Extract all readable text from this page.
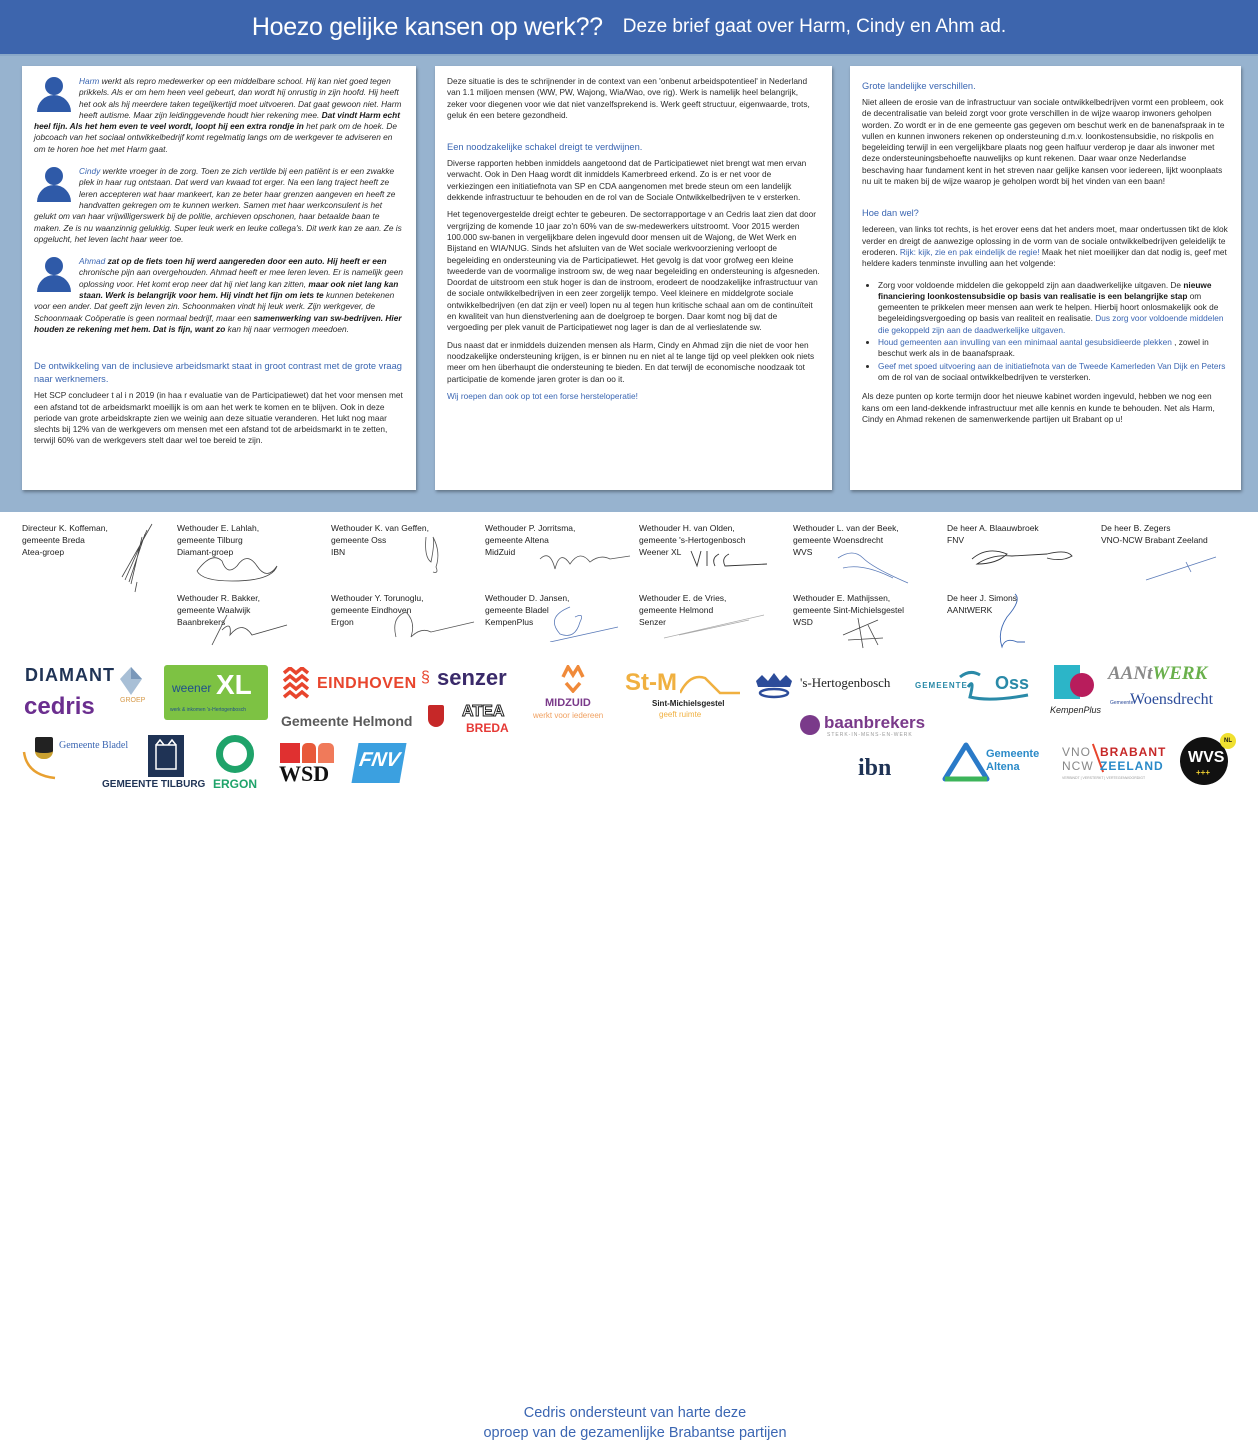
Hoezo gelijke kansen op werk?? Deze brief gaat over Harm, Cindy en Ahm ad.
Harm werkt als repro medewerker op een middelbare school. Hij kan niet goed tegen prikkels. Als er om hem heen veel gebeurt, dan wordt hij onrustig in zijn hoofd. Hij heeft het ook als hij meerdere taken tegelijkertijd moet uitvoeren. Dat gaat gewoon niet. Harm heeft autisme. Maar zijn leidinggevende houdt hier rekening mee. Dat vindt Harm echt heel fijn. Als het hem even te veel wordt, loopt hij een extra rondje in het park om de hoek. De jobcoach van het sociaal ontwikkelbedrijf komt regelmatig langs om de werkgever te adviseren en om te horen hoe het met Harm gaat.
Cindy werkte vroeger in de zorg. Toen ze zich vertilde bij een patiënt is er een zwakke plek in haar rug ontstaan. Dat werd van kwaad tot erger. Na een lang traject heeft ze leren accepteren wat haar mankeert, kan ze beter haar grenzen aangeven en heeft ze handvatten gekregen om te kunnen werken. Samen met haar werkconsulent is het gelukt om van haar vrijwilligerswerk bij de politie, archieven opschonen, haar betaalde baan te maken. Ze is nu waanzinnig gelukkig. Super leuk werk en leuke collega's. Dit werk kan ze aan. Ze is opgelucht, het leven lacht haar weer toe.
Ahmad zat op de fiets toen hij werd aangereden door een auto. Hij heeft er een chronische pijn aan overgehouden. Ahmad heeft er mee leren leven. Er is namelijk geen oplossing voor. Het komt erop neer dat hij niet lang kan zitten, maar ook niet lang kan staan. Werk is belangrijk voor hem. Hij vindt het fijn om iets te kunnen betekenen voor een ander. Dat geeft zijn leven zin. Schoonmaken vindt hij leuk werk. Zijn werkgever, de Schoonmaak Coöperatie is geen normaal bedrijf, maar een samenwerking van sw-bedrijven. Hier houden ze rekening met hem. Dat is fijn, want zo kan hij naar vermogen meedoen.
De ontwikkeling van de inclusieve arbeidsmarkt staat in groot contrast met de grote vraag naar werknemers.

Het SCP concludeer t al i n 2019 (in haa r evaluatie van de Participatiewet) dat het voor mensen met een afstand tot de arbeidsmarkt moeilijk is om aan het werk te komen en te blijven. Ook in deze periode van grote arbeidskrapte zien we weinig aan deze situatie veranderen. Het lukt nog maar slechts bij 12% van de werkgevers om mensen met een afstand tot de arbeidsmarkt in te zetten, terwijl 60% van de werkgevers stelt daar wel toe bereid te zijn.

Deze situatie is des te schrijnender in de context van een 'onbenut arbeidspotentieel' in Nederland van 1.1 miljoen mensen (WW, PW, Wajong, Wia/Wao, ove rig). Werk is namelijk heel belangrijk, zeker voor diegenen voor wie dat niet vanzelfsprekend is. Werk geeft structuur, eigenwaarde, trots, geluk én een betere gezondheid.

Een noodzakelijke schakel dreigt te verdwijnen.

Diverse rapporten hebben inmiddels aangetoond dat de Participatiewet niet brengt wat men ervan verwacht. Ook in Den Haag wordt dit inmiddels Kamerbreed erkend. Zo is er net voor de verkiezingen een initiatiefnota van SP en CDA aangenomen met brede steun om een landelijk dekkende infrastructuur te behouden en de rol van de Sociale Ontwikkelbedrijven te v ersterken.

Het tegenovergestelde dreigt echter te gebeuren. De sectorrapportage v an Cedris laat zien dat door vergrijzing de komende 10 jaar zo'n 60% van de sw-medewerkers uitstroomt. Voor 2015 werden 100.000 sw-banen in vergelijkbare delen ingevuld door mensen uit de Wajong, de Wet Werk en Bijstand en WIA/NUG. Sinds het afsluiten van de Wet sociale werkvoorziening verloopt de begeleiding en ondersteuning via de Participatiewet. Het gevolg is dat voor grofweg een kleine tweederde van de voormalige instroom sw, de weg naar begeleiding en ondersteuning is afgesneden. Doordat de uitstroom een stuk hoger is dan de instroom, erodeert de noodzakelijke infrastructuur van de sociale ontwikkelbedrijven in een zeer zorgelijk tempo. Veel kleinere en middelgrote sociale ontwikkelbedrijven (en dat zijn er veel) lopen nu al tegen hun kritische schaal aan om de continuïteit en kwaliteit van hun dienstverlening aan de doelgroep te borgen. Daar komt nog bij dat de vergoeding per plek vanuit de Participatiewet nog lager is dan de al verlieslatende sw.

Dus naast dat er inmiddels duizenden mensen als Harm, Cindy en Ahmad zijn die niet de voor hen noodzakelijke ondersteuning krijgen, is er binnen nu en niet al te lange tijd op veel plekken ook niets meer om hen überhaupt die ondersteuning te bieden. En dat terwijl de economische noodzaak tot participatie de komende jaren groter is dan oo it.

Wij roepen dan ook op tot een forse hersteloperatie!

Grote landelijke verschillen.

Niet alleen de erosie van de infrastructuur van sociale ontwikkelbedrijven vormt een probleem, ook de decentralisatie van beleid zorgt voor grote verschillen in de wijze waarop inwoners geholpen worden. Zo wordt er in de ene gemeente gas gegeven om beschut werk en de banenafspraak in te vullen en kunnen inwoners rekenen op ondersteuning d.m.v. loonkostensubsidie, no riskpolis en begeleiding terwijl in een vergelijkbare plaats nog geen halfuur verderop je daar als inwoner met deze ondersteuningsbehoefte nauwelijks op kunt rekenen. Daar waar onze Nederlandse beschaving haar fundament kent in het streven naar gelijke kansen voor iedereen, lijkt woonplaats nu uit te maken bij de wijze waarop je geholpen wordt bij het vinden van een baan!

Hoe dan wel?

Iedereen, van links tot rechts, is het erover eens dat het anders moet, maar ondertussen tikt de klok verder en dreigt de aanwezige oplossing in de vorm van de sociale ontwikkelbedrijven geleidelijk te eroderen. Rijk: kijk, zie en pak eindelijk de regie! Maak het niet moeilijker dan dat nodig is, geef met heldere kaders tenminste invulling aan het volgende:

• Zorg voor voldoende middelen die gekoppeld zijn aan daadwerkelijke uitgaven. De nieuwe financiering loonkostensubsidie op basis van realisatie is een belangrijke stap om gemeenten te prikkelen meer mensen aan werk te helpen. Hierbij hoort onlosmakelijk ook de begeleidingsvergoeding op basis van realiteit en realisatie. Dus zorg voor voldoende middelen die gekoppeld zijn aan de daadwerkelijke uitgaven.
• Houd gemeenten aan invulling van een minimaal aantal gesubsidieerde plekken , zowel in beschut werk als in de baanafspraak.
• Geef met spoed uitvoering aan de initiatiefnota van de Tweede Kamerleden Van Dijk en Peters om de rol van de sociaal ontwikkelbedrijven te versterken.

Als deze punten op korte termijn door het nieuwe kabinet worden ingevuld, hebben we nog een kans om een land-dekkende infrastructuur met alle kennis en kunde te behouden. Net als Harm, Cindy en Ahmad rekenen de samenwerkende partijen uit Brabant op u!

Directeur K. Koffeman,
gemeente Breda
Atea-groep
Wethouder E. Lahlah,
gemeente Tilburg
Diamant-groep
Wethouder K. van Geffen,
gemeente Oss
IBN
Wethouder P. Jorritsma,
gemeente Altena
MidZuid
Wethouder H. van Olden,
gemeente 's-Hertogenbosch
Weener XL
Wethouder L. van der Beek,
gemeente Woensdrecht
WVS
De heer A. Blaauwbroek
FNV
De heer B. Zegers
VNO-NCW Brabant Zeeland
Wethouder R. Bakker,
gemeente Waalwijk
Baanbrekers
Wethouder Y. Torunoglu,
gemeente Eindhoven
Ergon
Wethouder D. Jansen,
gemeente Bladel
KempenPlus
Wethouder E. de Vries,
gemeente Helmond
Senzer
Wethouder E. Mathijssen,
gemeente Sint-Michielsgestel
WSD
De heer J. Simons
AANtWERK
DIAMANT
GROEP
cedris
weener XL
werk & inkomen 's-Hertogenbosch
EINDHOVEN
Gemeente Helmond
§ senzer
ATEA
BREDA
MIDZUID
werkt voor iedereen
St-M
Sint-Michielsgestel
geeft ruimte
's-Hertogenbosch
baanbrekers
STERK-IN-MENS-EN-WERK
GEMEENTE Oss
KempenPlus
AANtWERK
Gemeente
Woensdrecht
Gemeente Bladel
GEMEENTE TILBURG ERGON WSD
FNV
Cedris ondersteunt van harte deze
oproep van de gezamenlijke Brabantse partijen
ibn
Gemeente
Altena
VNO
NCW
BRABANT
ZEELAND
VERBINDT | VERSTERKT | VERTEGENWOORDIGT
WVS
+++
NL
